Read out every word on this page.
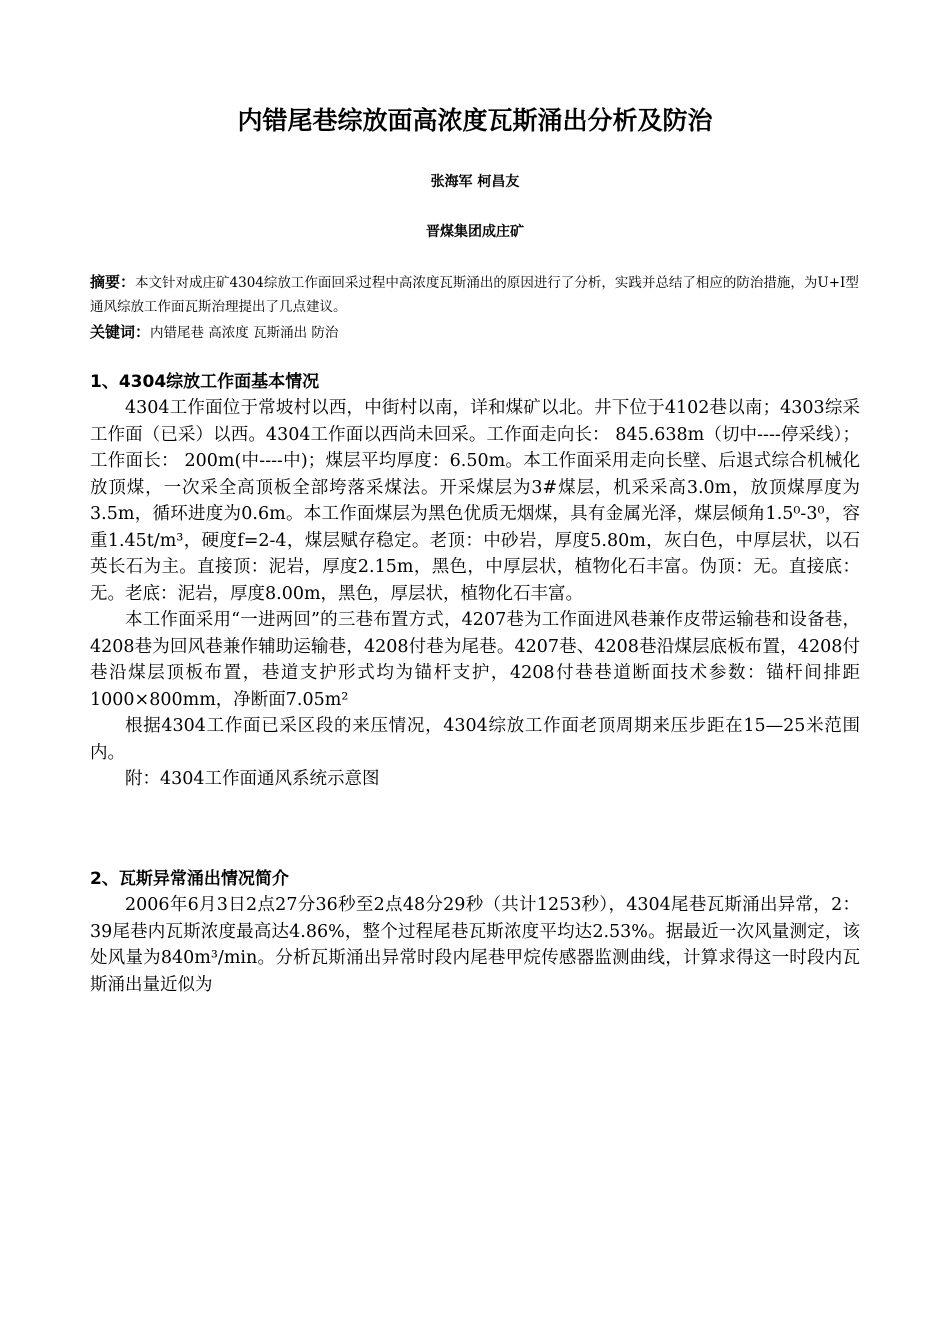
内错尾巷综放面高浓度瓦斯涌出分析及防治
张海军 柯昌友
晋煤集团成庄矿

摘要：本文针对成庄矿4304综放工作面回采过程中高浓度瓦斯涌出的原因进行了分析，实践并总结了相应的防治措施，为U+I型通风综放工作面瓦斯治理提出了几点建议。

关键词：内错尾巷 高浓度 瓦斯涌出 防治

1、4304综放工作面基本情况

4304工作面位于常坡村以西，中街村以南，详和煤矿以北。井下位于4102巷以南；4303综采工作面（已采）以西。4304工作面以西尚未回采。工作面走向长： 845.638m（切中----停采线）；工作面长： 200m(中----中)；煤层平均厚度：6.50m。本工作面采用走向长壁、后退式综合机械化放顶煤，一次采全高顶板全部垮落采煤法。开采煤层为3#煤层，机采采高3.0m，放顶煤厚度为3.5m，循环进度为0.6m。本工作面煤层为黑色优质无烟煤，具有金属光泽，煤层倾角1.5⁰-3⁰，容重1.45t/m³，硬度f=2-4，煤层赋存稳定。老顶：中砂岩，厚度5.80m，灰白色，中厚层状，以石英长石为主。直接顶：泥岩，厚度2.15m，黑色，中厚层状，植物化石丰富。伪顶：无。直接底：无。老底：泥岩，厚度8.00m，黑色，厚层状，植物化石丰富。

本工作面采用“一进两回”的三巷布置方式，4207巷为工作面进风巷兼作皮带运输巷和设备巷，4208巷为回风巷兼作辅助运输巷，4208付巷为尾巷。4207巷、4208巷沿煤层底板布置，4208付巷沿煤层顶板布置，巷道支护形式均为锚杆支护，4208付巷巷道断面技术参数：锚杆间排距1000×800mm，净断面7.05m²

根据4304工作面已采区段的来压情况，4304综放工作面老顶周期来压步距在15—25米范围内。

附：4304工作面通风系统示意图

2、瓦斯异常涌出情况简介

2006年6月3日2点27分36秒至2点48分29秒（共计1253秒），4304尾巷瓦斯涌出异常，2：39尾巷内瓦斯浓度最高达4.86%，整个过程尾巷瓦斯浓度平均达2.53%。据最近一次风量测定，该处风量为840m³/min。分析瓦斯涌出异常时段内尾巷甲烷传感器监测曲线，计算求得这一时段内瓦斯涌出量近似为
